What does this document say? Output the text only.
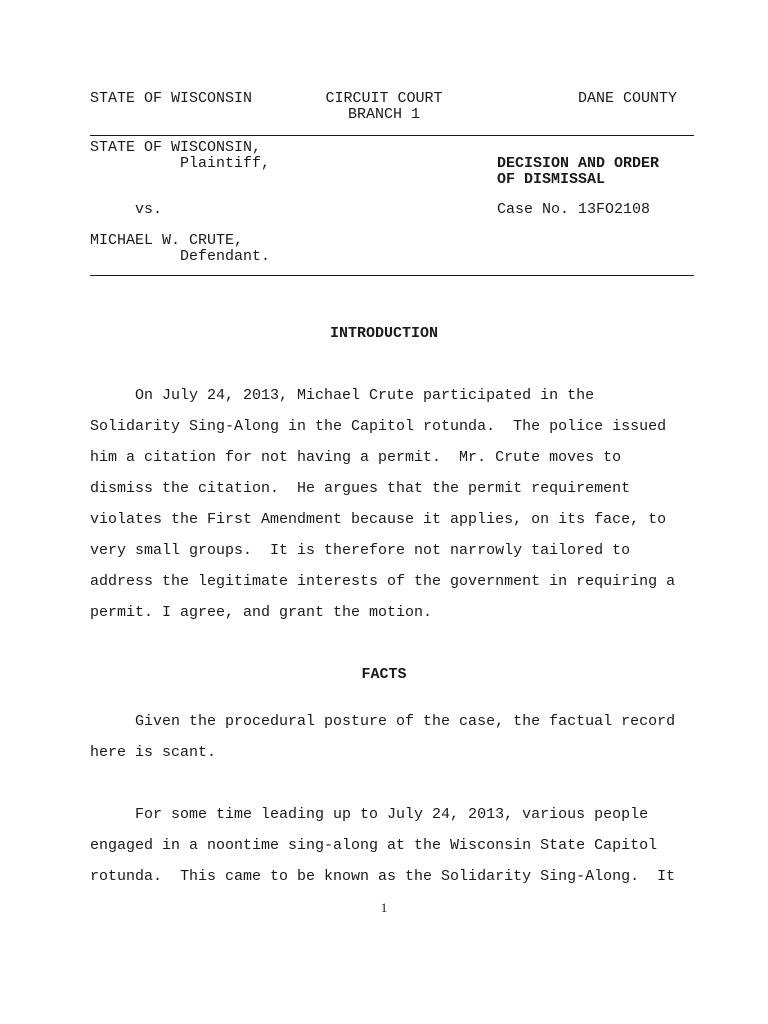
STATE OF WISCONSIN	CIRCUIT COURT
BRANCH 1
DANE COUNTY
STATE OF WISCONSIN,
Plaintiff,	DECISION AND ORDER
OF DISMISSAL
vs.	Case No. 13FO2108
MICHAEL W. CRUTE,
Defendant.
INTRODUCTION
On July 24, 2013, Michael Crute participated in the
Solidarity Sing-Along in the Capitol rotunda.  The police issued
him a citation for not having a permit.  Mr. Crute moves to
dismiss the citation.  He argues that the permit requirement
violates the First Amendment because it applies, on its face, to
very small groups.  It is therefore not narrowly tailored to
address the legitimate interests of the government in requiring a
permit. I agree, and grant the motion.
FACTS
Given the procedural posture of the case, the factual record
here is scant.
For some time leading up to July 24, 2013, various people
engaged in a noontime sing-along at the Wisconsin State Capitol
rotunda.  This came to be known as the Solidarity Sing-Along.  It
1
